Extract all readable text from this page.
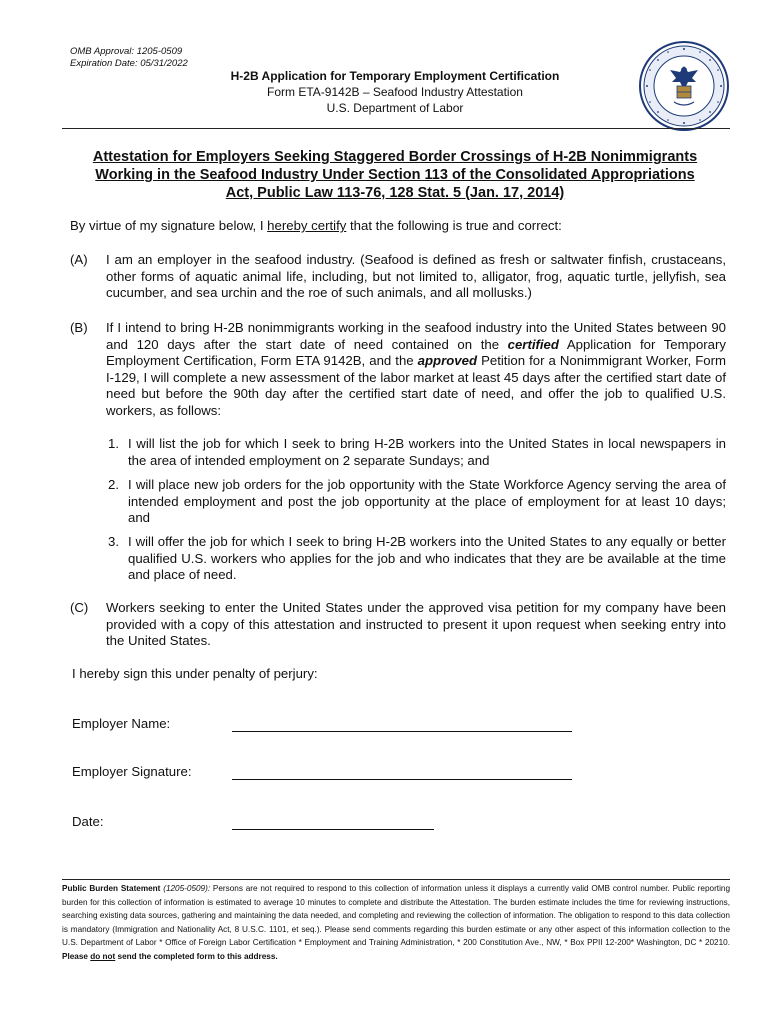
OMB Approval: 1205-0509
Expiration Date: 05/31/2022
H-2B Application for Temporary Employment Certification
Form ETA-9142B – Seafood Industry Attestation
U.S. Department of Labor
Attestation for Employers Seeking Staggered Border Crossings of H-2B Nonimmigrants
Working in the Seafood Industry Under Section 113 of the Consolidated Appropriations
Act, Public Law 113-76, 128 Stat. 5 (Jan. 17, 2014)
By virtue of my signature below, I hereby certify that the following is true and correct:
(A) I am an employer in the seafood industry. (Seafood is defined as fresh or saltwater finfish, crustaceans, other forms of aquatic animal life, including, but not limited to, alligator, frog, aquatic turtle, jellyfish, sea cucumber, and sea urchin and the roe of such animals, and all mollusks.)
(B) If I intend to bring H-2B nonimmigrants working in the seafood industry into the United States between 90 and 120 days after the start date of need contained on the certified Application for Temporary Employment Certification, Form ETA 9142B, and the approved Petition for a Nonimmigrant Worker, Form I-129, I will complete a new assessment of the labor market at least 45 days after the certified start date of need but before the 90th day after the certified start date of need, and offer the job to qualified U.S. workers, as follows:
1. I will list the job for which I seek to bring H-2B workers into the United States in local newspapers in the area of intended employment on 2 separate Sundays; and
2. I will place new job orders for the job opportunity with the State Workforce Agency serving the area of intended employment and post the job opportunity at the place of employment for at least 10 days; and
3. I will offer the job for which I seek to bring H-2B workers into the United States to any equally or better qualified U.S. workers who applies for the job and who indicates that they are be available at the time and place of need.
(C) Workers seeking to enter the United States under the approved visa petition for my company have been provided with a copy of this attestation and instructed to present it upon request when seeking entry into the United States.
I hereby sign this under penalty of perjury:
Employer Name:
Employer Signature:
Date:
Public Burden Statement (1205-0509): Persons are not required to respond to this collection of information unless it displays a currently valid OMB control number. Public reporting burden for this collection of information is estimated to average 10 minutes to complete and distribute the Attestation. The burden estimate includes the time for reviewing instructions, searching existing data sources, gathering and maintaining the data needed, and completing and reviewing the collection of information. The obligation to respond to this data collection is mandatory (Immigration and Nationality Act, 8 U.S.C. 1101, et seq.). Please send comments regarding this burden estimate or any other aspect of this information collection to the U.S. Department of Labor * Office of Foreign Labor Certification * Employment and Training Administration, * 200 Constitution Ave., NW, * Box PPII 12-200* Washington, DC * 20210. Please do not send the completed form to this address.
